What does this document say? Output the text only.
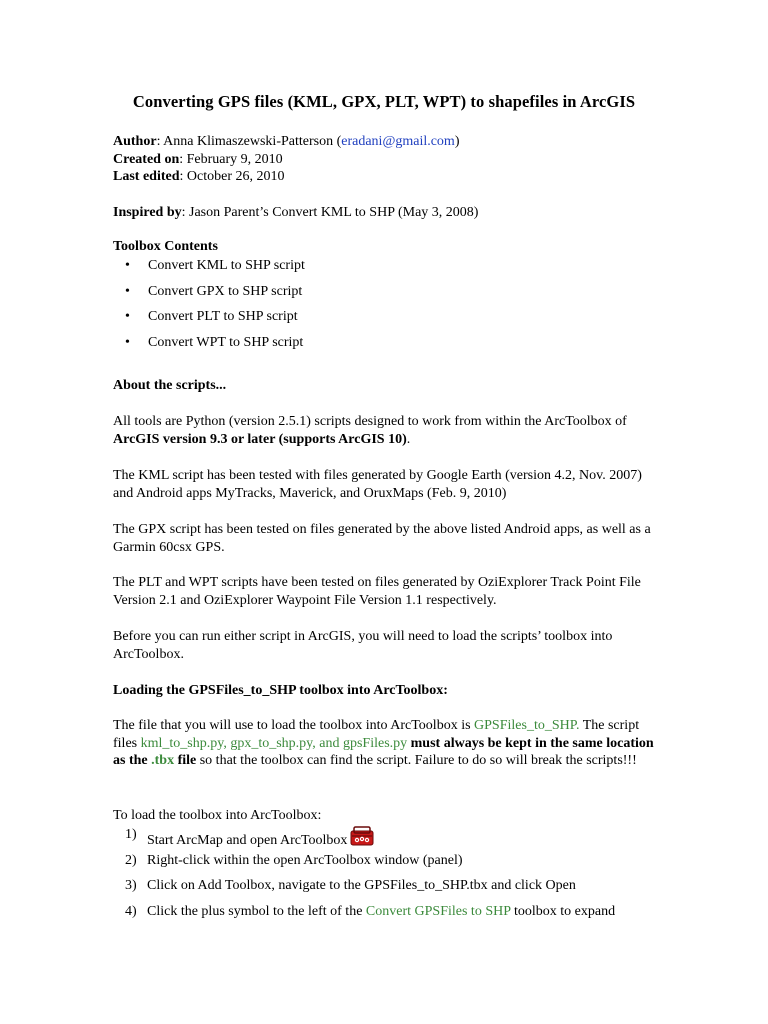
Converting GPS files (KML, GPX, PLT, WPT) to shapefiles in ArcGIS
Author: Anna Klimaszewski-Patterson (eradani@gmail.com)
Created on: February 9, 2010
Last edited: October 26, 2010
Inspired by: Jason Parent’s Convert KML to SHP (May 3, 2008)
Toolbox Contents
• Convert KML to SHP script
• Convert GPX to SHP script
• Convert PLT to SHP script
• Convert WPT to SHP script
About the scripts...
All tools are Python (version 2.5.1) scripts designed to work from within the ArcToolbox of ArcGIS version 9.3 or later (supports ArcGIS 10).
The KML script has been tested with files generated by Google Earth (version 4.2, Nov. 2007) and Android apps MyTracks, Maverick, and OruxMaps (Feb. 9, 2010)
The GPX script has been tested on files generated by the above listed Android apps, as well as a Garmin 60csx GPS.
The PLT and WPT scripts have been tested on files generated by OziExplorer Track Point File Version 2.1 and OziExplorer Waypoint File Version 1.1 respectively.
Before you can run either script in ArcGIS, you will need to load the scripts’ toolbox into ArcToolbox.
Loading the GPSFiles_to_SHP toolbox into ArcToolbox:
The file that you will use to load the toolbox into ArcToolbox is GPSFiles_to_SHP. The script files kml_to_shp.py, gpx_to_shp.py, and gpsFiles.py must always be kept in the same location as the .tbx file so that the toolbox can find the script. Failure to do so will break the scripts!!!
To load the toolbox into ArcToolbox:
1) Start ArcMap and open ArcToolbox
2) Right-click within the open ArcToolbox window (panel)
3) Click on Add Toolbox, navigate to the GPSFiles_to_SHP.tbx and click Open
4) Click the plus symbol to the left of the Convert GPSFiles to SHP toolbox to expand
